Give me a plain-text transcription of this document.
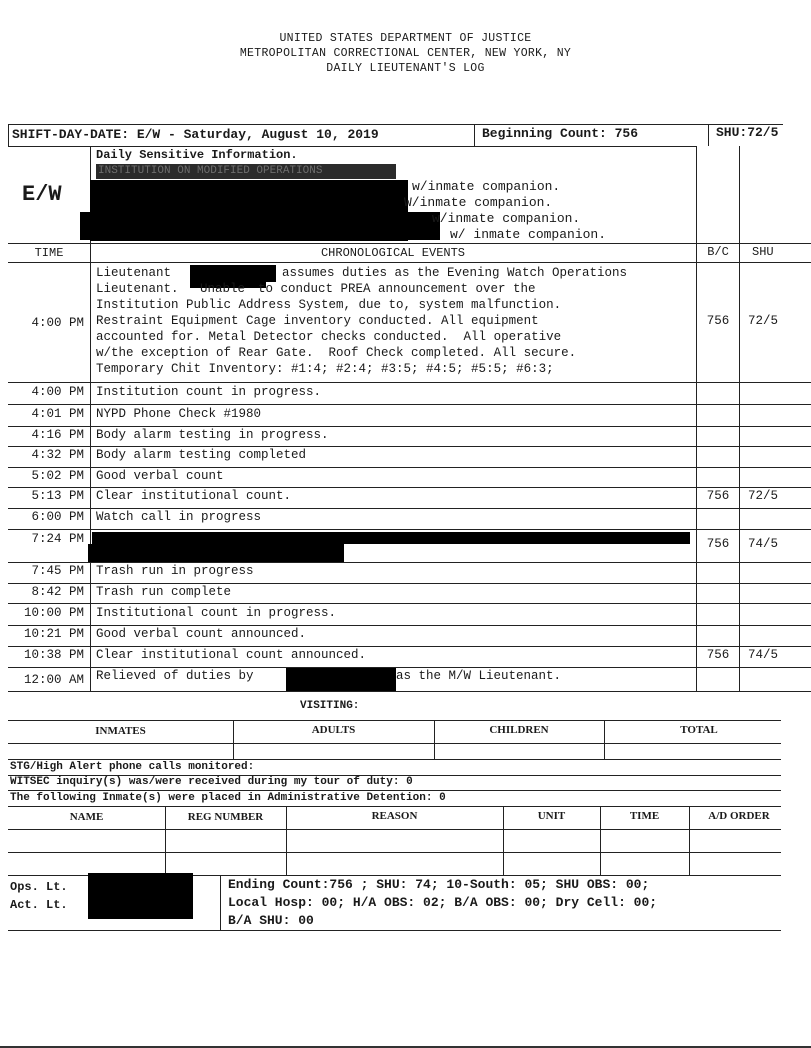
UNITED STATES DEPARTMENT OF JUSTICE
METROPOLITAN CORRECTIONAL CENTER, NEW YORK, NY
DAILY LIEUTENANT'S LOG
SHIFT-DAY-DATE: E/W - Saturday, August 10, 2019	Beginning Count: 756	SHU:72/5
E/W
Daily Sensitive Information.
INSTITUTION ON MODIFIED OPERATIONS
w/inmate companion.
W/inmate companion.
w/inmate companion.
w/ inmate companion.
TIME	CHRONOLOGICAL EVENTS	B/C	SHU
4:00 PM
Lieutenant	assumes duties as the Evening Watch Operations
Lieutenant. Unable to conduct PREA announcement over the
Institution Public Address System, due to, system malfunction.
Restraint Equipment Cage inventory conducted. All equipment
accounted for. Metal Detector checks conducted.  All operative
w/the exception of Rear Gate.  Roof Check completed. All secure.
Temporary Chit Inventory: #1:4; #2:4; #3:5; #4:5; #5:5; #6:3;
756	72/5
4:00 PM Institution count in progress.
4:01 PM NYPD Phone Check #1980
4:16 PM Body alarm testing in progress.
4:32 PM Body alarm testing completed
5:02 PM Good verbal count
5:13 PM Clear institutional count.	756	72/5
6:00 PM Watch call in progress
7:24 PM	756	74/5
7:45 PM Trash run in progress
8:42 PM Trash run complete
10:00 PM Institutional count in progress.
10:21 PM Good verbal count announced.
10:38 PM Clear institutional count announced.	756	74/5
12:00 AM Relieved of duties by	as the M/W Lieutenant.
VISITING:
INMATES	ADULTS	CHILDREN	TOTAL
STG/High Alert phone calls monitored:
WITSEC inquiry(s) was/were received during my tour of duty: 0
The following Inmate(s) were placed in Administrative Detention: 0
NAME	REG NUMBER	REASON	UNIT	TIME	A/D ORDER
Ops. Lt.
Act. Lt.
Ending Count:756 ; SHU: 74; 10-South: 05; SHU OBS: 00;
Local Hosp: 00; H/A OBS: 02; B/A OBS: 00; Dry Cell: 00;
B/A SHU: 00
